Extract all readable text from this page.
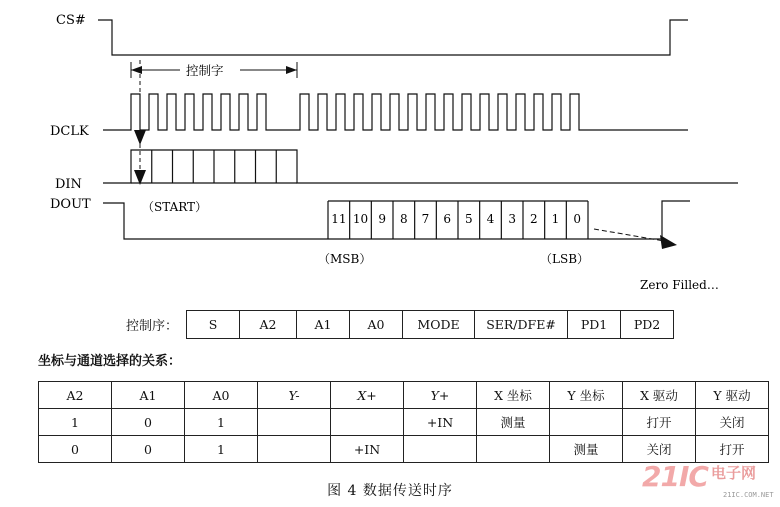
CS#
DCLK
DIN
DOUT
控制字
（START）
11 10 9 8 7 6 5 4 3 2 1 0
（MSB）	（LSB）
Zero Filled…
控制序： S	A2	A1	A0	MODE	SER/DFE#	PD1	PD2
坐标与通道选择的关系：
A2	A1	A0	Y-	X+	Y+	X 坐标	Y 坐标	X 驱动	Y 驱动
1	0	1			+IN	测量		打开	关闭
0	0	1		+IN			测量	关闭	打开
图 4 数据传送时序	21IC 电子网
21IC.COM.NET
